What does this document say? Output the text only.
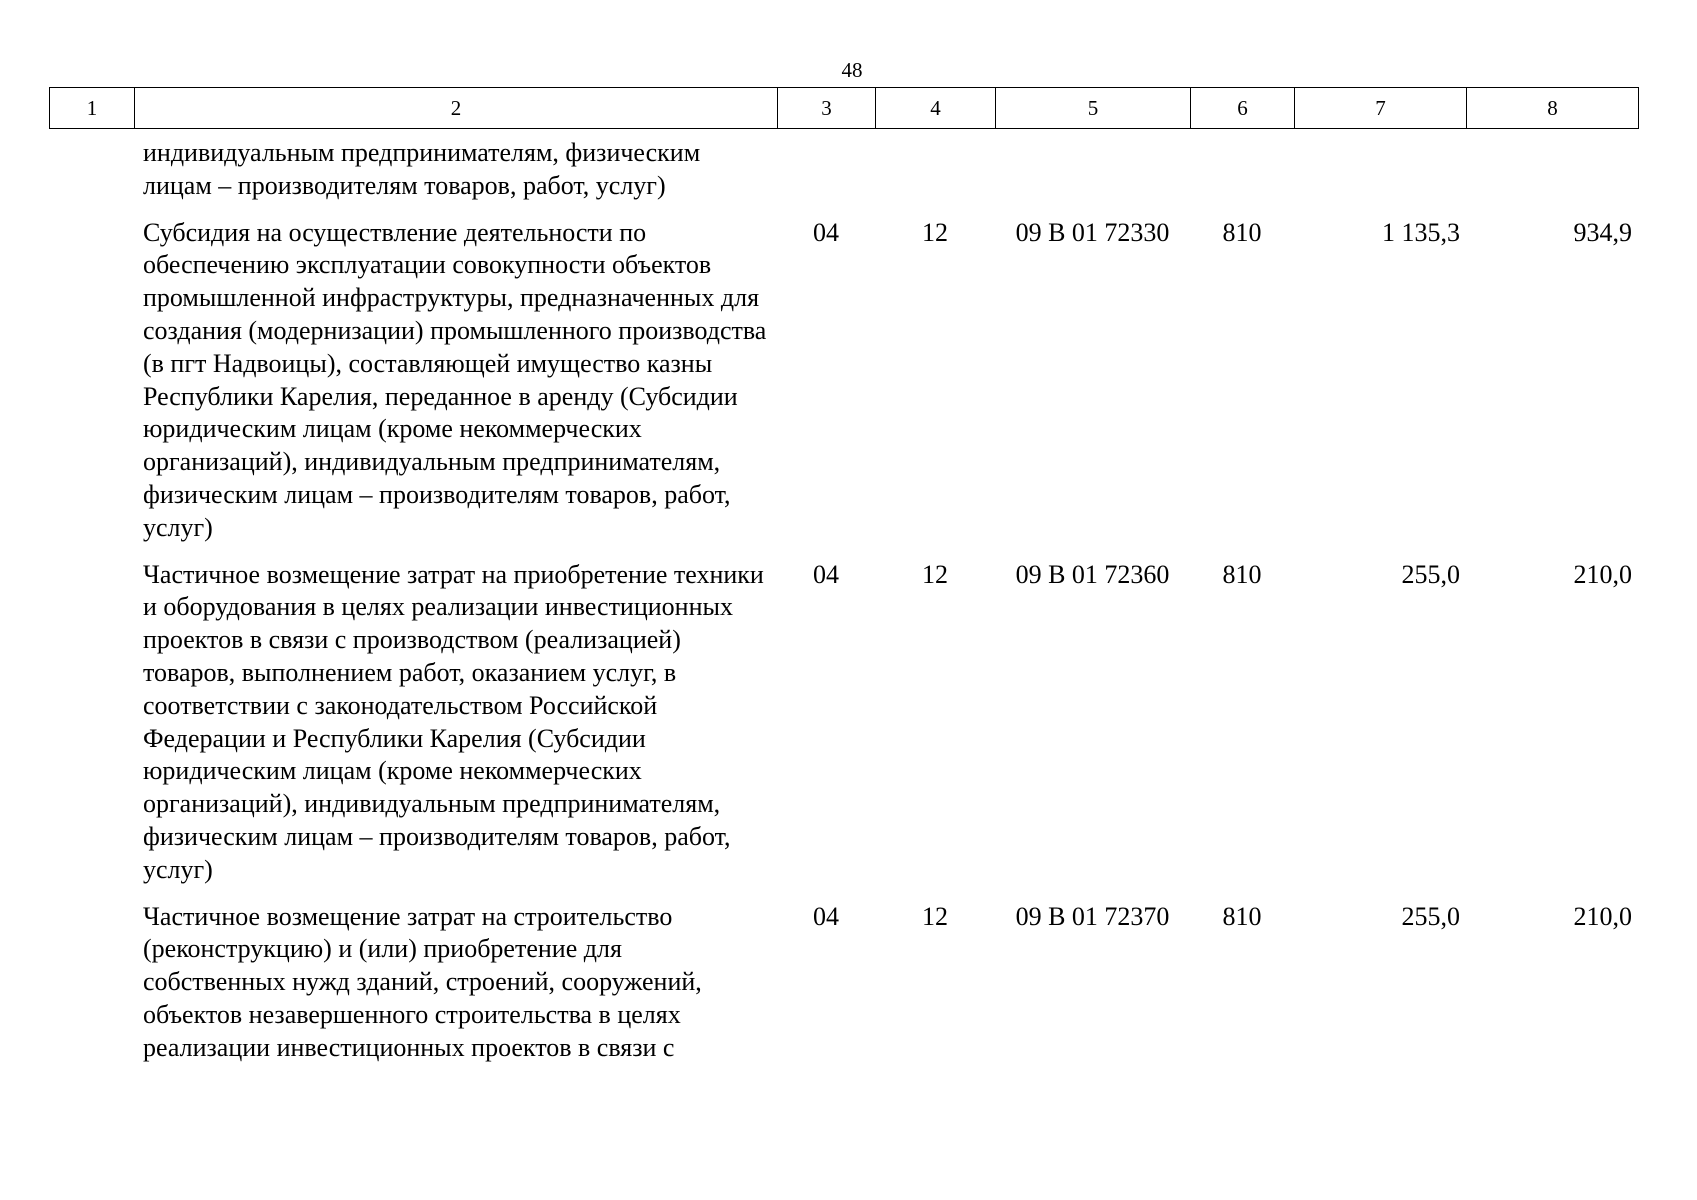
48
1	2	3	4	5	6	7	8
индивидуальным предпринимателям, физическим лицам – производителям товаров, работ, услуг)						
Субсидия на осуществление деятельности по обеспечению эксплуатации совокупности объектов промышленной инфраструктуры, предназначенных для создания (модернизации) промышленного производства (в пгт Надвоицы), составляющей имущество казны Республики Карелия, переданное в аренду (Субсидии юридическим лицам (кроме некоммерческих организаций), индивидуальным предпринимателям, физическим лицам – производителям товаров, работ, услуг)	04	12	09 В 01 72330	810	1 135,3	934,9
Частичное возмещение затрат на приобретение техники и оборудования в целях реализации инвестиционных проектов в связи с производством (реализацией) товаров, выполнением работ, оказанием услуг, в соответствии с законодательством Российской Федерации и Республики Карелия (Субсидии юридическим лицам (кроме некоммерческих организаций), индивидуальным предпринимателям, физическим лицам – производителям товаров, работ, услуг)	04	12	09 В 01 72360	810	255,0	210,0
Частичное возмещение затрат на строительство (реконструкцию) и (или) приобретение для собственных нужд зданий, строений, сооружений, объектов незавершенного строительства в целях реализации инвестиционных проектов в связи с	04	12	09 В 01 72370	810	255,0	210,0
